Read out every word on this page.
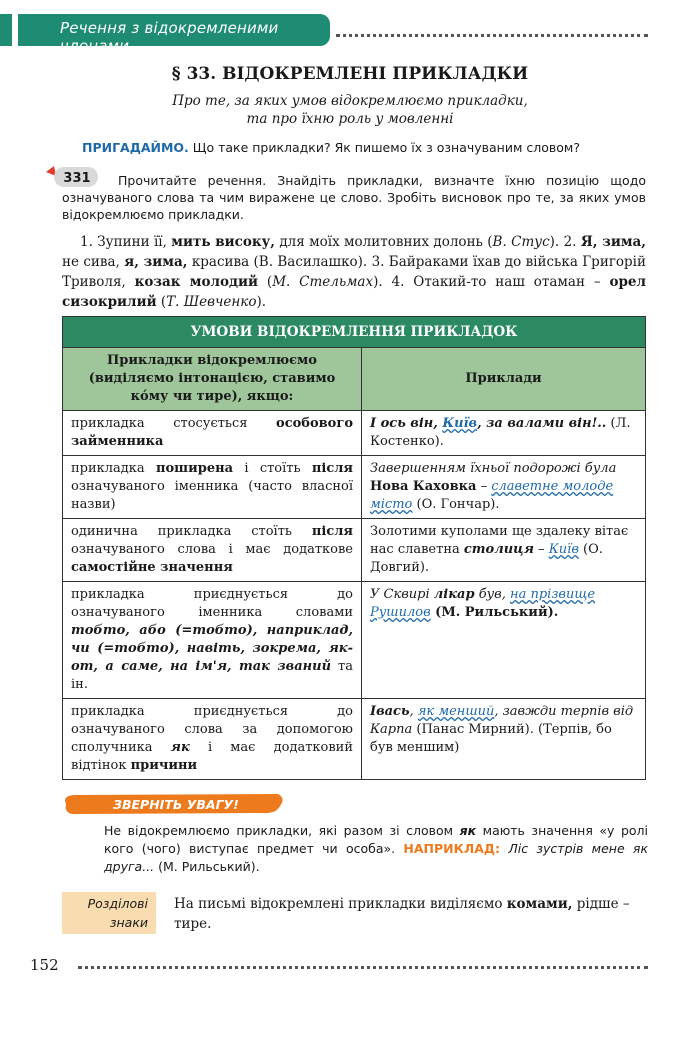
Речення з відокремленими членами
§ 33. ВІДОКРЕМЛЕНІ ПРИКЛАДКИ
Про те, за яких умов відокремлюємо прикладки,
та про їхню роль у мовленні
ПРИГАДАЙМО. Що таке прикладки? Як пишемо їх з означуваним словом?
331	Прочитайте речення. Знайдіть прикладки, визначте їхню позицію щодо означуваного слова та чим виражене це слово. Зробіть висновок про те, за яких умов відокремлюємо прикладки.
1. Зупини її, мить високу, для моїх молитовних долонь (В. Стус). 2. Я, зима, не сива, я, зима, красива (В. Василашко). 3. Байраками їхав до війська Григорій Триволя, козак молодий (М. Стельмах). 4. Отакий-то наш отаман – орел сизокрилий (Т. Шевченко).
УМОВИ ВІДОКРЕМЛЕННЯ ПРИКЛАДОК	
Прикладки відокремлюємо (виділяємо інтонацією, ставимо ко́му чи тире), якщо:	Приклади
прикладка стосується особового займенника	І ось він, Київ, за валами він!.. (Л. Костенко).
прикладка поширена і стоїть після означуваного іменника (часто власної назви)	Завершенням їхньої подорожі була Нова Каховка – славетне молоде місто (О. Гончар).
одинична прикладка стоїть після означуваного слова і має додаткове самостійне значення	Золотими куполами ще здалеку вітає нас славетна столиця – Київ (О. Довгий).
прикладка приєднується до означуваного іменника словами тобто, або (=тобто), наприклад, чи (=тобто), навіть, зокрема, як-от, а саме, на ім'я, так званий та ін.	У Сквирі лікар був, на прізвище Рушилов (М. Рильський).
прикладка приєднується до означуваного слова за допомогою сполучника як і має додатковий відтінок причини	Івась, як менший, завжди терпів від Карпа (Панас Мирний). (Терпів, бо був меншим)
ЗВЕРНІТЬ УВАГУ!
Не відокремлюємо прикладки, які разом зі словом як мають значення «у ролі кого (чого) виступає предмет чи особа». НАПРИКЛАД: Ліс зустрів мене як друга... (М. Рильський).
Розділові
знаки
На письмі відокремлені прикладки виділяємо комами, рідше – тире.
152
